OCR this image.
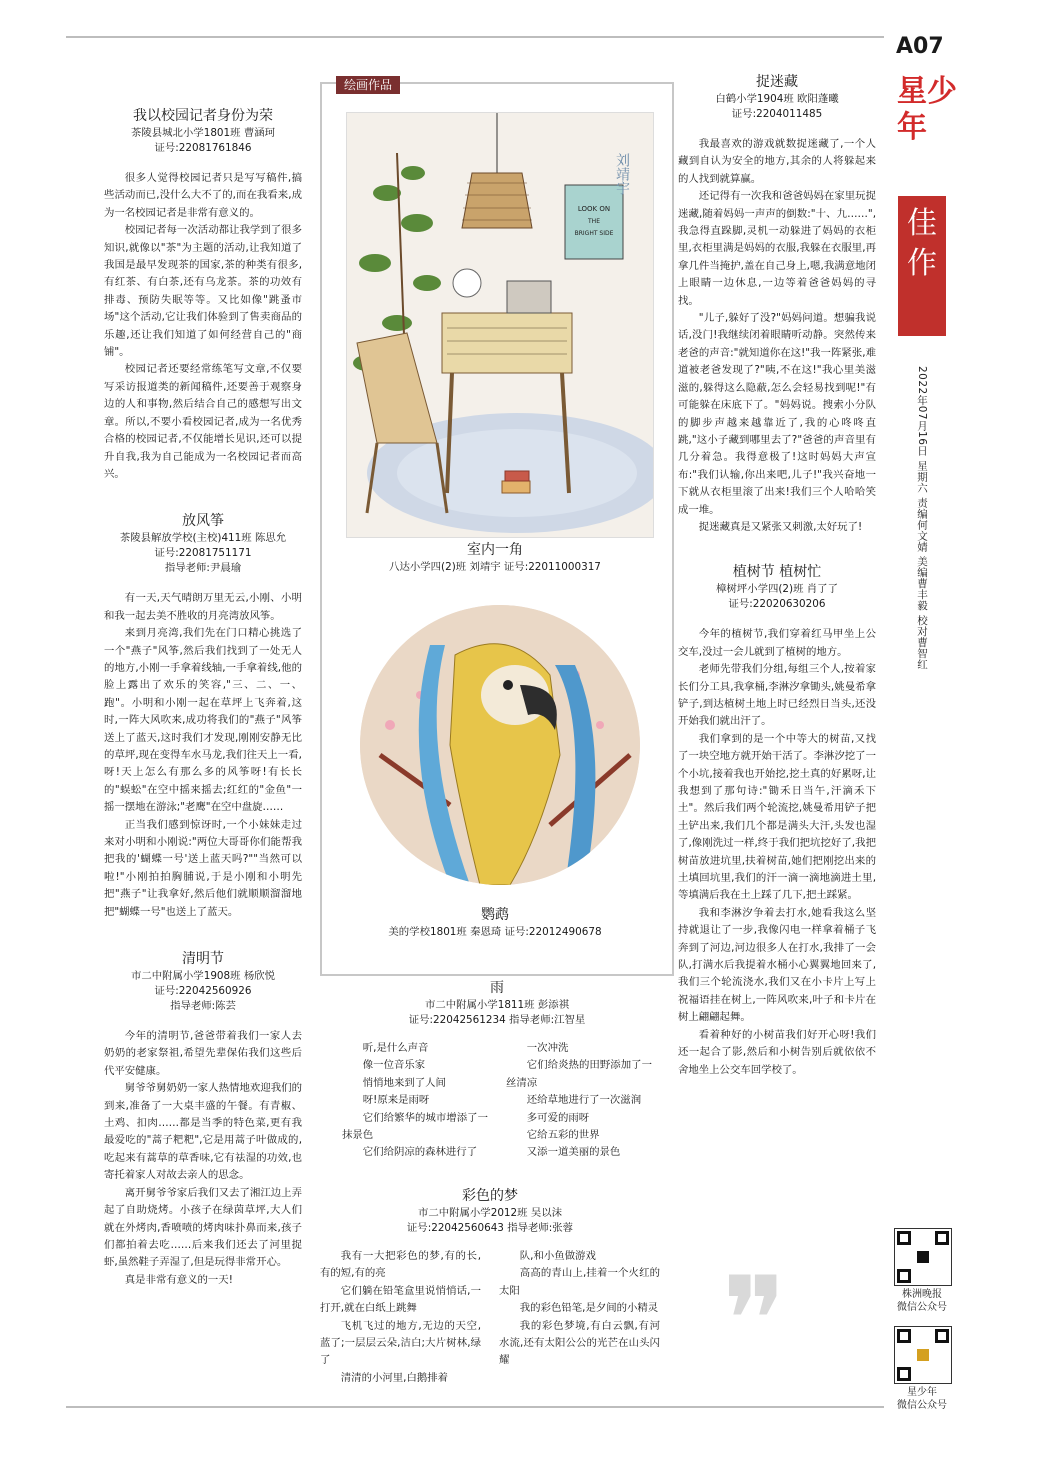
我以校园记者身份为荣
茶陵县城北小学1801班 曹涵珂
证号:22081761846

很多人觉得校园记者只是写写稿件,搞些活动而已,没什么大不了的,而在我看来,成为一名校园记者是非常有意义的。

校园记者每一次活动都让我学到了很多知识,就像以"茶"为主题的活动,让我知道了我国是最早发现茶的国家,茶的种类有很多,有红茶、有白茶,还有乌龙茶。茶的功效有排毒、预防失眠等等。又比如像"跳蚤市场"这个活动,它让我们体验到了售卖商品的乐趣,还让我们知道了如何经营自己的"商铺"。

校园记者还要经常练笔写文章,不仅要写采访报道类的新闻稿件,还要善于观察身边的人和事物,然后结合自己的感想写出文章。所以,不要小看校园记者,成为一名优秀合格的校园记者,不仅能增长见识,还可以提升自我,我为自己能成为一名校园记者而高兴。

放风筝
茶陵县解放学校(主校)411班 陈思允
证号:22081751171
指导老师:尹晨瑜

有一天,天气晴朗万里无云,小刚、小明和我一起去美不胜收的月亮湾放风筝。

来到月亮湾,我们先在门口精心挑选了一个"燕子"风筝,然后我们找到了一处无人的地方,小刚一手拿着线轴,一手拿着线,他的脸上露出了欢乐的笑容,"三、二、一、跑"。小明和小刚一起在草坪上飞奔着,这时,一阵大风吹来,成功将我们的"燕子"风筝送上了蓝天,这时我们才发现,刚刚安静无比的草坪,现在变得车水马龙,我们往天上一看,呀!天上怎么有那么多的风筝呀!有长长的"蜈蚣"在空中摇来摇去;红红的"金鱼"一摇一摆地在游泳;"老鹰"在空中盘旋……

正当我们感到惊讶时,一个小妹妹走过来对小明和小刚说:"两位大哥哥你们能帮我把我的'蝴蝶一号'送上蓝天吗?""当然可以啦!"小刚拍拍胸脯说,于是小刚和小明先把"燕子"让我拿好,然后他们就顺顺溜溜地把"蝴蝶一号"也送上了蓝天。

清明节
市二中附属小学1908班 杨欣悦
证号:22042560926
指导老师:陈芸

今年的清明节,爸爸带着我们一家人去奶奶的老家祭祖,希望先辈保佑我们这些后代平安健康。

舅爷爷舅奶奶一家人热情地欢迎我们的到来,准备了一大桌丰盛的午餐。有青椒、土鸡、扣肉……都是当季的特色菜,更有我最爱吃的"蒿子粑粑",它是用蒿子叶做成的,吃起来有蒿草的草香味,它有祛湿的功效,也寄托着家人对故去亲人的思念。

离开舅爷爷家后我们又去了湘江边上弄起了自助烧烤。小孩子在绿茵草坪,大人们就在外烤肉,香喷喷的烤肉味扑鼻而来,孩子们都拍着去吃……后来我们还去了河里捉虾,虽然鞋子弄湿了,但是玩得非常开心。

真是非常有意义的一天!

绘画作品
LOOK ON
THE
BRIGHT SIDE
刘靖宇
室内一角
八达小学四(2)班 刘靖宇 证号:22011000317
鹦鹉
美的学校1801班 秦恩琦 证号:22012490678
雨
市二中附属小学1811班 彭添祺
证号:22042561234 指导老师:江智星

听,是什么声音

像一位音乐家

悄悄地来到了人间

呀!原来是雨呀

它们给繁华的城市增添了一抹景色

它们给阴凉的森林进行了

一次冲洗

它们给炎热的田野添加了一丝清凉

还给草地进行了一次滋润

多可爱的雨呀

它给五彩的世界

又添一道美丽的景色

彩色的梦
市二中附属小学2012班 吴以沫
证号:22042560643 指导老师:张蓉

我有一大把彩色的梦,有的长,有的短,有的亮

它们躺在铅笔盒里说悄悄话,一打开,就在白纸上跳舞

飞机飞过的地方,无边的天空,蓝了;一层层云朵,洁白;大片树林,绿了

清清的小河里,白鹅排着

队,和小鱼做游戏

高高的青山上,挂着一个火红的太阳

我的彩色铅笔,是夕间的小精灵

我的彩色梦境,有白云飘,有河水流,还有太阳公公的光芒在山头闪耀

捉迷藏
白鹤小学1904班 欧阳蓬曦
证号:2204011485

我最喜欢的游戏就数捉迷藏了,一个人藏到自认为安全的地方,其余的人将躲起来的人找到就算赢。

还记得有一次我和爸爸妈妈在家里玩捉迷藏,随着妈妈一声声的倒数:"十、九……",我急得直跺脚,灵机一动躲进了妈妈的衣柜里,衣柜里满是妈妈的衣服,我躲在衣服里,再拿几件当掩护,盖在自己身上,嗯,我满意地闭上眼睛一边休息,一边等着爸爸妈妈的寻找。

"儿子,躲好了没?"妈妈问道。想骗我说话,没门!我继续闭着眼睛听动静。突然传来老爸的声音:"就知道你在这!"我一阵紧张,难道被老爸发现了?"咦,不在这!"我心里美滋滋的,躲得这么隐蔽,怎么会轻易找到呢!"有可能躲在床底下了。"妈妈说。搜索小分队的脚步声越来越靠近了,我的心咚咚直跳,"这小子藏到哪里去了?"爸爸的声音里有几分着急。我得意极了!这时妈妈大声宣布:"我们认输,你出来吧,儿子!"我兴奋地一下就从衣柜里滚了出来!我们三个人哈哈笑成一堆。

捉迷藏真是又紧张又刺激,太好玩了!

植树节 植树忙
樟树坪小学四(2)班 肖了了
证号:22020630206

今年的植树节,我们穿着红马甲坐上公交车,没过一会儿就到了植树的地方。

老师先带我们分组,每组三个人,按着家长们分工具,我拿桶,李淋汐拿锄头,姚曼希拿铲子,到达植树土地上时已经烈日当头,还没开始我们就出汗了。

我们拿到的是一个中等大的树苗,又找了一块空地方就开始干活了。李淋汐挖了一个小坑,接着我也开始挖,挖土真的好累呀,让我想到了那句诗:"锄禾日当午,汗滴禾下土"。然后我们两个轮流挖,姚曼希用铲子把土铲出来,我们几个都是满头大汗,头发也湿了,像刚洗过一样,终于我们把坑挖好了,我把树苗放进坑里,扶着树苗,她们把刚挖出来的土填回坑里,我们的汗一滴一滴地滴进土里,等填满后我在土上踩了几下,把土踩紧。

我和李淋汐争着去打水,她看我这么坚持就退让了一步,我像闪电一样拿着桶子飞奔到了河边,河边很多人在打水,我排了一会队,打满水后我提着水桶小心翼翼地回来了,我们三个轮流浇水,我们又在小卡片上写上祝福语挂在树上,一阵风吹来,叶子和卡片在树上翩翩起舞。

看着种好的小树苗我们好开心呀!我们还一起合了影,然后和小树告别后就依依不舍地坐上公交车回学校了。

❞
A07
星少年
佳作
2022年07月16日 星期六 责编何文婧 美编曹丰毅 校对曹智红
株洲晚报
微信公众号
星少年
微信公众号
